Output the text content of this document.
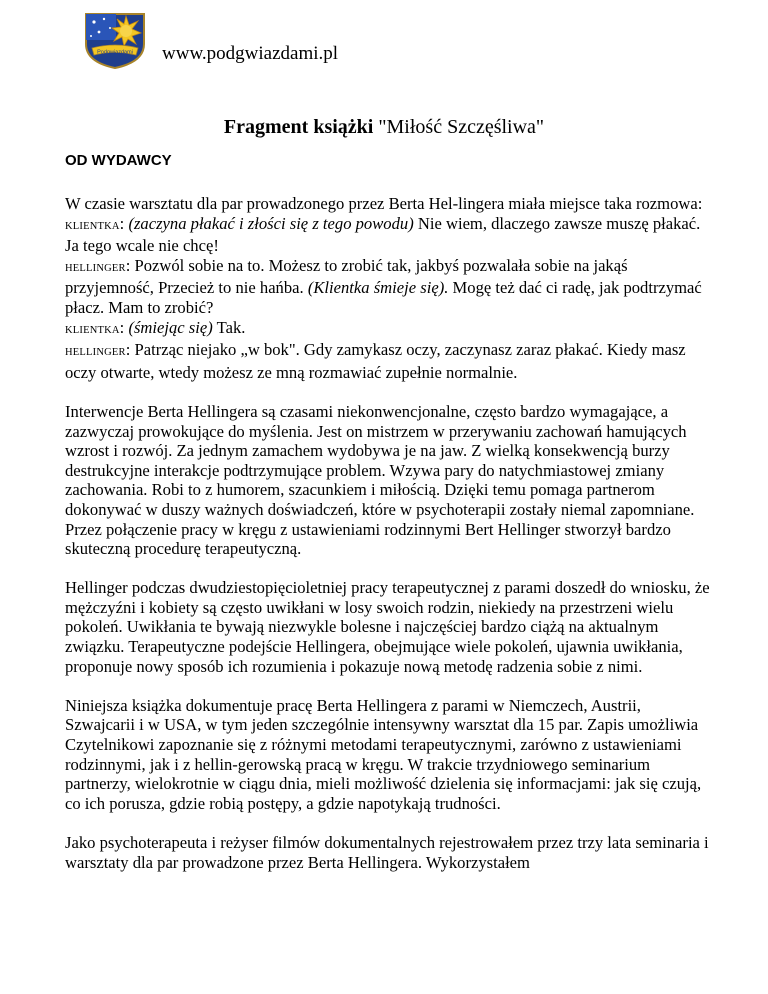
Podgwiazdami www.podgwiazdami.pl
Fragment książki "Miłość Szczęśliwa"
OD WYDAWCY

W czasie warsztatu dla par prowadzonego przez Berta Hel-lingera miała miejsce taka rozmowa:
KLIENTKA: (zaczyna płakać i złości się z tego powodu) Nie wiem, dlaczego zawsze muszę płakać. Ja tego wcale nie chcę!
HELLINGER: Pozwól sobie na to. Możesz to zrobić tak, jakbyś pozwalała sobie na jakąś przyjemność, Przecież to nie hańba. (Klientka śmieje się). Mogę też dać ci radę, jak podtrzymać płacz. Mam to zrobić?
KLIENTKA: (śmiejąc się) Tak.
HELLINGER: Patrząc niejako „w bok". Gdy zamykasz oczy, zaczynasz zaraz płakać. Kiedy masz oczy otwarte, wtedy możesz ze mną rozmawiać zupełnie normalnie.

Interwencje Berta Hellingera są czasami niekonwencjonalne, często bardzo wymagające, a zazwyczaj prowokujące do myślenia. Jest on mistrzem w przerywaniu zachowań hamujących wzrost i rozwój. Za jednym zamachem wydobywa je na jaw. Z wielką konsekwencją burzy destrukcyjne interakcje podtrzymujące problem. Wzywa pary do natychmiastowej zmiany zachowania. Robi to z humorem, szacunkiem i miłością. Dzięki temu pomaga partnerom dokonywać w duszy ważnych doświadczeń, które w psychoterapii zostały niemal zapomniane. Przez połączenie pracy w kręgu z ustawieniami rodzinnymi Bert Hellinger stworzył bardzo skuteczną procedurę terapeutyczną.

Hellinger podczas dwudziestopięcioletniej pracy terapeutycznej z parami doszedł do wniosku, że mężczyźni i kobiety są często uwikłani w losy swoich rodzin, niekiedy na przestrzeni wielu pokoleń. Uwikłania te bywają niezwykle bolesne i najczęściej bardzo ciążą na aktualnym związku. Terapeutyczne podejście Hellingera, obejmujące wiele pokoleń, ujawnia uwikłania, proponuje nowy sposób ich rozumienia i pokazuje nową metodę radzenia sobie z nimi.

Niniejsza książka dokumentuje pracę Berta Hellingera z parami w Niemczech, Austrii, Szwajcarii i w USA, w tym jeden szczególnie intensywny warsztat dla 15 par. Zapis umożliwia Czytelnikowi zapoznanie się z różnymi metodami terapeutycznymi, zarówno z ustawieniami rodzinnymi, jak i z hellin-gerowską pracą w kręgu. W trakcie trzydniowego seminarium partnerzy, wielokrotnie w ciągu dnia, mieli możliwość dzielenia się informacjami: jak się czują, co ich porusza, gdzie robią postępy, a gdzie napotykają trudności.

Jako psychoterapeuta i reżyser filmów dokumentalnych rejestrowałem przez trzy lata seminaria i warsztaty dla par prowadzone przez Berta Hellingera. Wykorzystałem
